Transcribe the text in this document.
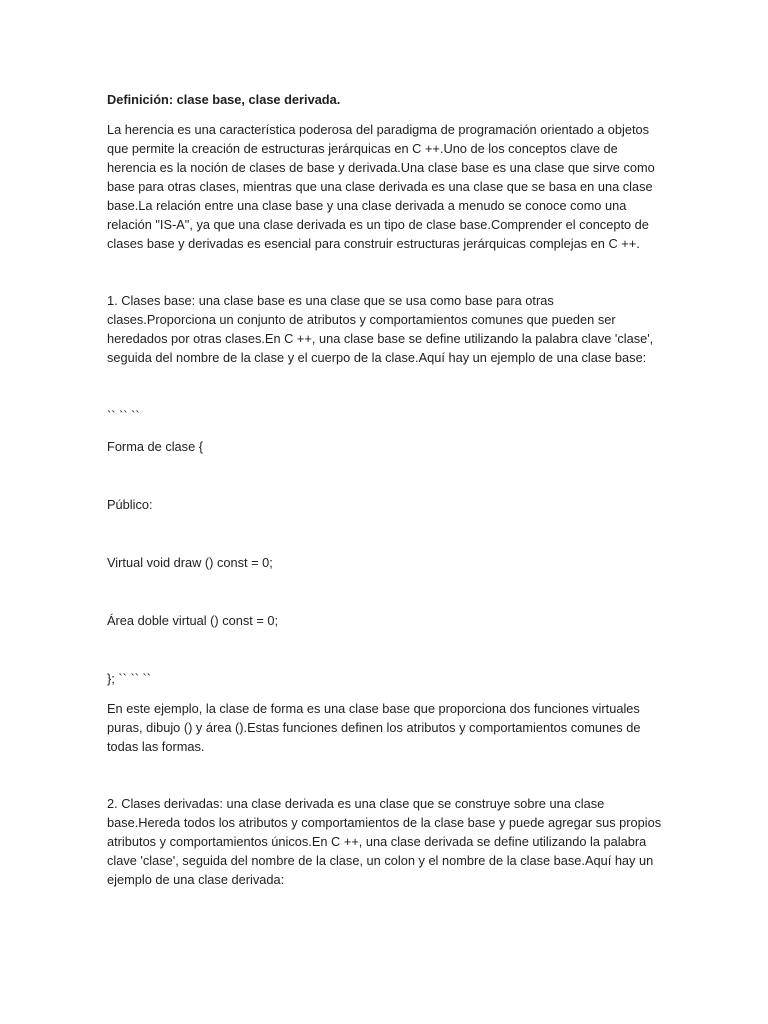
Definición: clase base, clase derivada.

La herencia es una característica poderosa del paradigma de programación orientado a objetos que permite la creación de estructuras jerárquicas en C ++.Uno de los conceptos clave de herencia es la noción de clases de base y derivada.Una clase base es una clase que sirve como base para otras clases, mientras que una clase derivada es una clase que se basa en una clase base.La relación entre una clase base y una clase derivada a menudo se conoce como una relación "IS-A", ya que una clase derivada es un tipo de clase base.Comprender el concepto de clases base y derivadas es esencial para construir estructuras jerárquicas complejas en C ++.

1. Clases base: una clase base es una clase que se usa como base para otras clases.Proporciona un conjunto de atributos y comportamientos comunes que pueden ser heredados por otras clases.En C ++, una clase base se define utilizando la palabra clave 'clase', seguida del nombre de la clase y el cuerpo de la clase.Aquí hay un ejemplo de una clase base:

`` `` ``

Forma de clase {

Público:

Virtual void draw () const = 0;

Área doble virtual () const = 0;

}; `` `` ``

En este ejemplo, la clase de forma es una clase base que proporciona dos funciones virtuales puras, dibujo () y área ().Estas funciones definen los atributos y comportamientos comunes de todas las formas.

2. Clases derivadas: una clase derivada es una clase que se construye sobre una clase base.Hereda todos los atributos y comportamientos de la clase base y puede agregar sus propios atributos y comportamientos únicos.En C ++, una clase derivada se define utilizando la palabra clave 'clase', seguida del nombre de la clase, un colon y el nombre de la clase base.Aquí hay un ejemplo de una clase derivada:
